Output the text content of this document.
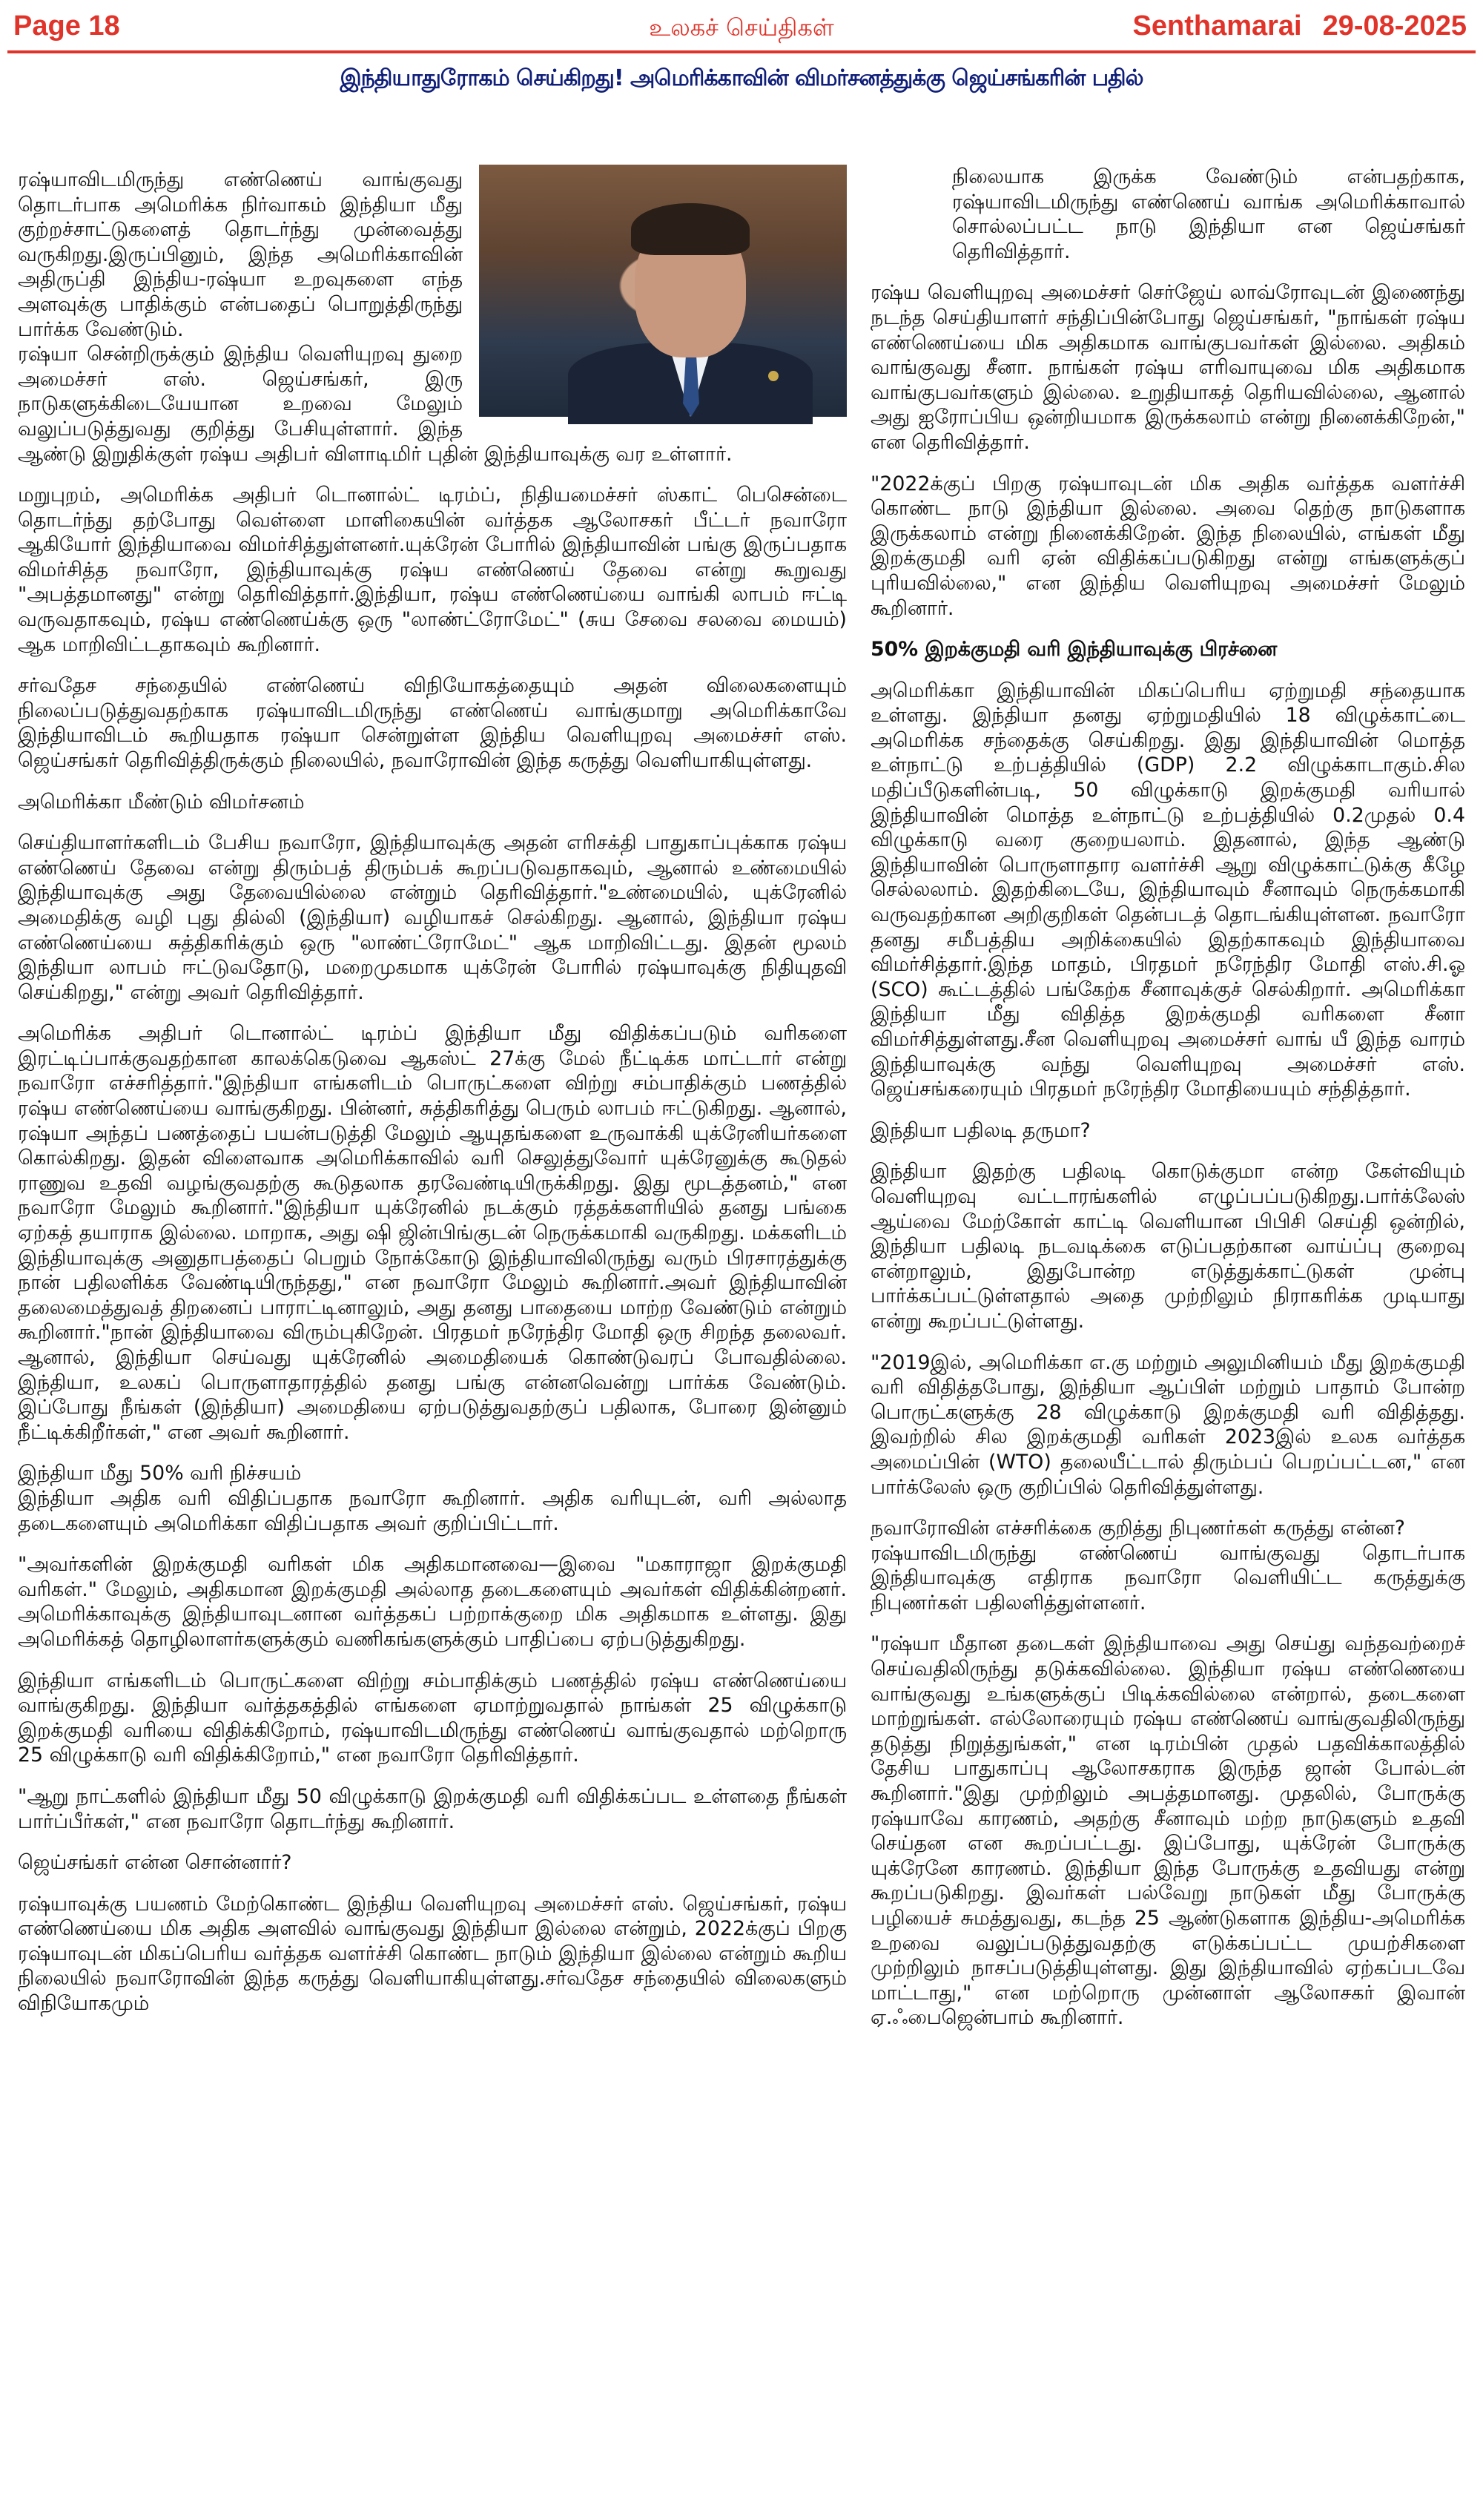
Page 18	உலகச் செய்திகள்	Senthamarai 29-08-2025
இந்தியாதுரோகம் செய்கிறது! அமெரிக்காவின் விமர்சனத்துக்கு ஜெய்சங்கரின் பதில்

ரஷ்யாவிடமிருந்து எண்ணெய் வாங்குவது தொடர்பாக அமெரிக்க நிர்வாகம் இந்தியா மீது குற்றச்சாட்டுகளைத் தொடர்ந்து முன்வைத்து வருகிறது.இருப்பினும், இந்த அமெரிக்காவின் அதிருப்தி இந்திய-ரஷ்யா உறவுகளை எந்த அளவுக்கு பாதிக்கும் என்பதைப் பொறுத்திருந்து பார்க்க வேண்டும்.

ரஷ்யா சென்றிருக்கும் இந்திய வெளியுறவு துறை அமைச்சர் எஸ். ஜெய்சங்கர், இரு நாடுகளுக்கிடையேயான உறவை மேலும் வலுப்படுத்துவது குறித்து பேசியுள்ளார். இந்த ஆண்டு இறுதிக்குள் ரஷ்ய அதிபர் விளாடிமிர் புதின் இந்தியாவுக்கு வர உள்ளார்.

மறுபுறம், அமெரிக்க அதிபர் டொனால்ட் டிரம்ப், நிதியமைச்சர் ஸ்காட் பெசென்டை தொடர்ந்து தற்போது வெள்ளை மாளிகையின் வர்த்தக ஆலோசகர் பீட்டர் நவாரோ ஆகியோர் இந்தியாவை விமர்சித்துள்ளனர்.யுக்ரேன் போரில் இந்தியாவின் பங்கு இருப்பதாக விமர்சித்த நவாரோ, இந்தியாவுக்கு ரஷ்ய எண்ணெய் தேவை என்று கூறுவது "அபத்தமானது" என்று தெரிவித்தார்.இந்தியா, ரஷ்ய எண்ணெய்யை வாங்கி லாபம் ஈட்டி வருவதாகவும், ரஷ்ய எண்ணெய்க்கு ஒரு "லாண்ட்ரோமேட்" (சுய சேவை சலவை மையம்) ஆக மாறிவிட்டதாகவும் கூறினார்.

சர்வதேச சந்தையில் எண்ணெய் விநியோகத்தையும் அதன் விலைகளையும் நிலைப்படுத்துவதற்காக ரஷ்யாவிடமிருந்து எண்ணெய் வாங்குமாறு அமெரிக்காவே இந்தியாவிடம் கூறியதாக ரஷ்யா சென்றுள்ள இந்திய வெளியுறவு அமைச்சர் எஸ். ஜெய்சங்கர் தெரிவித்திருக்கும் நிலையில், நவாரோவின் இந்த கருத்து வெளியாகியுள்ளது.

அமெரிக்கா மீண்டும் விமர்சனம்

செய்தியாளர்களிடம் பேசிய நவாரோ, இந்தியாவுக்கு அதன் எரிசக்தி பாதுகாப்புக்காக ரஷ்ய எண்ணெய் தேவை என்று திரும்பத் திரும்பக் கூறப்படுவதாகவும், ஆனால் உண்மையில் இந்தியாவுக்கு அது தேவையில்லை என்றும் தெரிவித்தார்."உண்மையில், யுக்ரேனில் அமைதிக்கு வழி புது தில்லி (இந்தியா) வழியாகச் செல்கிறது. ஆனால், இந்தியா ரஷ்ய எண்ணெய்யை சுத்திகரிக்கும் ஒரு "லாண்ட்ரோமேட்" ஆக மாறிவிட்டது. இதன் மூலம் இந்தியா லாபம் ஈட்டுவதோடு, மறைமுகமாக யுக்ரேன் போரில் ரஷ்யாவுக்கு நிதியுதவி செய்கிறது," என்று அவர் தெரிவித்தார்.

அமெரிக்க அதிபர் டொனால்ட் டிரம்ப் இந்தியா மீது விதிக்கப்படும் வரிகளை இரட்டிப்பாக்குவதற்கான காலக்கெடுவை ஆகஸ்ட் 27க்கு மேல் நீட்டிக்க மாட்டார் என்று நவாரோ எச்சரித்தார்."இந்தியா எங்களிடம் பொருட்களை விற்று சம்பாதிக்கும் பணத்தில் ரஷ்ய எண்ணெய்யை வாங்குகிறது. பின்னர், சுத்திகரித்து பெரும் லாபம் ஈட்டுகிறது. ஆனால், ரஷ்யா அந்தப் பணத்தைப் பயன்படுத்தி மேலும் ஆயுதங்களை உருவாக்கி யுக்ரேனியர்களை கொல்கிறது. இதன் விளைவாக அமெரிக்காவில் வரி செலுத்துவோர் யுக்ரேனுக்கு கூடுதல் ராணுவ உதவி வழங்குவதற்கு கூடுதலாக தரவேண்டியிருக்கிறது. இது மூடத்தனம்," என நவாரோ மேலும் கூறினார்."இந்தியா யுக்ரேனில் நடக்கும் ரத்தக்களரியில் தனது பங்கை ஏற்கத் தயாராக இல்லை. மாறாக, அது ஷி ஜின்பிங்குடன் நெருக்கமாகி வருகிறது. மக்களிடம் இந்தியாவுக்கு அனுதாபத்தைப் பெறும் நோக்கோடு இந்தியாவிலிருந்து வரும் பிரசாரத்துக்கு நான் பதிலளிக்க வேண்டியிருந்தது," என நவாரோ மேலும் கூறினார்.அவர் இந்தியாவின் தலைமைத்துவத் திறனைப் பாராட்டினாலும், அது தனது பாதையை மாற்ற வேண்டும் என்றும் கூறினார்."நான் இந்தியாவை விரும்புகிறேன். பிரதமர் நரேந்திர மோதி ஒரு சிறந்த தலைவர். ஆனால், இந்தியா செய்வது யுக்ரேனில் அமைதியைக் கொண்டுவரப் போவதில்லை. இந்தியா, உலகப் பொருளாதாரத்தில் தனது பங்கு என்னவென்று பார்க்க வேண்டும். இப்போது நீங்கள் (இந்தியா) அமைதியை ஏற்படுத்துவதற்குப் பதிலாக, போரை இன்னும் நீட்டிக்கிறீர்கள்," என அவர் கூறினார்.

இந்தியா மீது 50% வரி நிச்சயம்

இந்தியா அதிக வரி விதிப்பதாக நவாரோ கூறினார். அதிக வரியுடன், வரி அல்லாத தடைகளையும் அமெரிக்கா விதிப்பதாக அவர் குறிப்பிட்டார்.

"அவர்களின் இறக்குமதி வரிகள் மிக அதிகமானவை—இவை "மகாராஜா இறக்குமதி வரிகள்." மேலும், அதிகமான இறக்குமதி அல்லாத தடைகளையும் அவர்கள் விதிக்கின்றனர். அமெரிக்காவுக்கு இந்தியாவுடனான வர்த்தகப் பற்றாக்குறை மிக அதிகமாக உள்ளது. இது அமெரிக்கத் தொழிலாளர்களுக்கும் வணிகங்களுக்கும் பாதிப்பை ஏற்படுத்துகிறது.

இந்தியா எங்களிடம் பொருட்களை விற்று சம்பாதிக்கும் பணத்தில் ரஷ்ய எண்ணெய்யை வாங்குகிறது. இந்தியா வர்த்தகத்தில் எங்களை ஏமாற்றுவதால் நாங்கள் 25 விழுக்காடு இறக்குமதி வரியை விதிக்கிறோம், ரஷ்யாவிடமிருந்து எண்ணெய் வாங்குவதால் மற்றொரு 25 விழுக்காடு வரி விதிக்கிறோம்," என நவாரோ தெரிவித்தார்.

"ஆறு நாட்களில் இந்தியா மீது 50 விழுக்காடு இறக்குமதி வரி விதிக்கப்பட உள்ளதை நீங்கள் பார்ப்பீர்கள்," என நவாரோ தொடர்ந்து கூறினார்.

ஜெய்சங்கர் என்ன சொன்னார்?

ரஷ்யாவுக்கு பயணம் மேற்கொண்ட இந்திய வெளியுறவு அமைச்சர் எஸ். ஜெய்சங்கர், ரஷ்ய எண்ணெய்யை மிக அதிக அளவில் வாங்குவது இந்தியா இல்லை என்றும், 2022க்குப் பிறகு ரஷ்யாவுடன் மிகப்பெரிய வர்த்தக வளர்ச்சி கொண்ட நாடும் இந்தியா இல்லை என்றும் கூறிய நிலையில் நவாரோவின் இந்த கருத்து வெளியாகியுள்ளது.சர்வதேச சந்தையில் விலைகளும் விநியோகமும்

நிலையாக இருக்க வேண்டும் என்பதற்காக, ரஷ்யாவிடமிருந்து எண்ணெய் வாங்க அமெரிக்காவால் சொல்லப்பட்ட நாடு இந்தியா என ஜெய்சங்கர் தெரிவித்தார்.

ரஷ்ய வெளியுறவு அமைச்சர் செர்ஜேய் லாவ்ரோவுடன் இணைந்து நடந்த செய்தியாளர் சந்திப்பின்போது ஜெய்சங்கர், "நாங்கள் ரஷ்ய எண்ணெய்யை மிக அதிகமாக வாங்குபவர்கள் இல்லை. அதிகம் வாங்குவது சீனா. நாங்கள் ரஷ்ய எரிவாயுவை மிக அதிகமாக வாங்குபவர்களும் இல்லை. உறுதியாகத் தெரியவில்லை, ஆனால் அது ஐரோப்பிய ஒன்றியமாக இருக்கலாம் என்று நினைக்கிறேன்," என தெரிவித்தார்.

"2022க்குப் பிறகு ரஷ்யாவுடன் மிக அதிக வர்த்தக வளர்ச்சி கொண்ட நாடு இந்தியா இல்லை. அவை தெற்கு நாடுகளாக இருக்கலாம் என்று நினைக்கிறேன். இந்த நிலையில், எங்கள் மீது இறக்குமதி வரி ஏன் விதிக்கப்படுகிறது என்று எங்களுக்குப் புரியவில்லை," என இந்திய வெளியுறவு அமைச்சர் மேலும் கூறினார்.

50% இறக்குமதி வரி இந்தியாவுக்கு பிரச்னை

அமெரிக்கா இந்தியாவின் மிகப்பெரிய ஏற்றுமதி சந்தையாக உள்ளது. இந்தியா தனது ஏற்றுமதியில் 18 விழுக்காட்டை அமெரிக்க சந்தைக்கு செய்கிறது. இது இந்தியாவின் மொத்த உள்நாட்டு உற்பத்தியில் (GDP) 2.2 விழுக்காடாகும்.சில மதிப்பீடுகளின்படி, 50 விழுக்காடு இறக்குமதி வரியால் இந்தியாவின் மொத்த உள்நாட்டு உற்பத்தியில் 0.2முதல் 0.4 விழுக்காடு வரை குறையலாம். இதனால், இந்த ஆண்டு இந்தியாவின் பொருளாதார வளர்ச்சி ஆறு விழுக்காட்டுக்கு கீழே செல்லலாம். இதற்கிடையே, இந்தியாவும் சீனாவும் நெருக்கமாகி வருவதற்கான அறிகுறிகள் தென்படத் தொடங்கியுள்ளன. நவாரோ தனது சமீபத்திய அறிக்கையில் இதற்காகவும் இந்தியாவை விமர்சித்தார்.இந்த மாதம், பிரதமர் நரேந்திர மோதி எஸ்.சி.ஓ (SCO) கூட்டத்தில் பங்கேற்க சீனாவுக்குச் செல்கிறார். அமெரிக்கா இந்தியா மீது விதித்த இறக்குமதி வரிகளை சீனா விமர்சித்துள்ளது.சீன வெளியுறவு அமைச்சர் வாங் யீ இந்த வாரம் இந்தியாவுக்கு வந்து வெளியுறவு அமைச்சர் எஸ். ஜெய்சங்கரையும் பிரதமர் நரேந்திர மோதியையும் சந்தித்தார்.

இந்தியா பதிலடி தருமா?

இந்தியா இதற்கு பதிலடி கொடுக்குமா என்ற கேள்வியும் வெளியுறவு வட்டாரங்களில் எழுப்பப்படுகிறது.பார்க்லேஸ் ஆய்வை மேற்கோள் காட்டி வெளியான பிபிசி செய்தி ஒன்றில், இந்தியா பதிலடி நடவடிக்கை எடுப்பதற்கான வாய்ப்பு குறைவு என்றாலும், இதுபோன்ற எடுத்துக்காட்டுகள் முன்பு பார்க்கப்பட்டுள்ளதால் அதை முற்றிலும் நிராகரிக்க முடியாது என்று கூறப்பட்டுள்ளது.

"2019இல், அமெரிக்கா எ.கு மற்றும் அலுமினியம் மீது இறக்குமதி வரி விதித்தபோது, இந்தியா ஆப்பிள் மற்றும் பாதாம் போன்ற பொருட்களுக்கு 28 விழுக்காடு இறக்குமதி வரி விதித்தது. இவற்றில் சில இறக்குமதி வரிகள் 2023இல் உலக வர்த்தக அமைப்பின் (WTO) தலையீட்டால் திரும்பப் பெறப்பட்டன," என பார்க்லேஸ் ஒரு குறிப்பில் தெரிவித்துள்ளது.

நவாரோவின் எச்சரிக்கை குறித்து நிபுணர்கள் கருத்து என்ன?

ரஷ்யாவிடமிருந்து எண்ணெய் வாங்குவது தொடர்பாக இந்தியாவுக்கு எதிராக நவாரோ வெளியிட்ட கருத்துக்கு நிபுணர்கள் பதிலளித்துள்ளனர்.

"ரஷ்யா மீதான தடைகள் இந்தியாவை அது செய்து வந்தவற்றைச் செய்வதிலிருந்து தடுக்கவில்லை. இந்தியா ரஷ்ய எண்ணெயை வாங்குவது உங்களுக்குப் பிடிக்கவில்லை என்றால், தடைகளை மாற்றுங்கள். எல்லோரையும் ரஷ்ய எண்ணெய் வாங்குவதிலிருந்து தடுத்து நிறுத்துங்கள்," என டிரம்பின் முதல் பதவிக்காலத்தில் தேசிய பாதுகாப்பு ஆலோசகராக இருந்த ஜான் போல்டன் கூறினார்."இது முற்றிலும் அபத்தமானது. முதலில், போருக்கு ரஷ்யாவே காரணம், அதற்கு சீனாவும் மற்ற நாடுகளும் உதவி செய்தன என கூறப்பட்டது. இப்போது, யுக்ரேன் போருக்கு யுக்ரேனே காரணம். இந்தியா இந்த போருக்கு உதவியது என்று கூறப்படுகிறது. இவர்கள் பல்வேறு நாடுகள் மீது போருக்கு பழியைச் சுமத்துவது, கடந்த 25 ஆண்டுகளாக இந்திய-அமெரிக்க உறவை வலுப்படுத்துவதற்கு எடுக்கப்பட்ட முயற்சிகளை முற்றிலும் நாசப்படுத்தியுள்ளது. இது இந்தியாவில் ஏற்கப்படவே மாட்டாது," என மற்றொரு முன்னாள் ஆலோசகர் இவான் ஏ.ஃபைஜென்பாம் கூறினார்.
